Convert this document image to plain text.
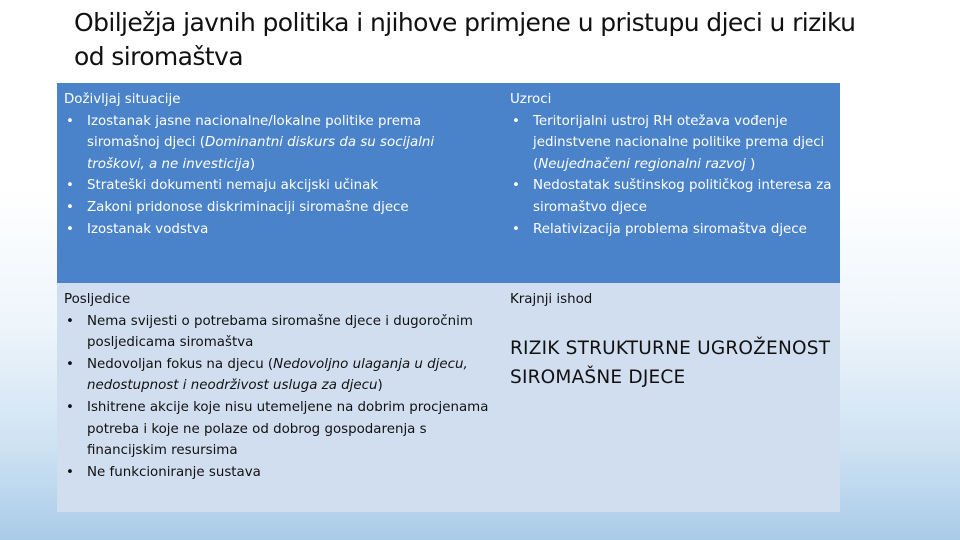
Obilježja javnih politika i njihove primjene u pristupu djeci u riziku od siromaštva
Doživljaj situacije
• Izostanak jasne nacionalne/lokalne politike prema siromašnoj djeci (Dominantni diskurs da su socijalni troškovi, a ne investicija)
• Strateški dokumenti nemaju akcijski učinak
• Zakoni pridonose diskriminaciji siromašne djece
• Izostanak vodstva
Uzroci
• Teritorijalni ustroj RH otežava vođenje jedinstvene nacionalne politike prema djeci (Neujednačeni regionalni razvoj )
• Nedostatak suštinskog političkog interesa za siromaštvo djece
• Relativizacija problema siromaštva djece
Posljedice
• Nema svijesti o potrebama siromašne djece i dugoročnim posljedicama siromaštva
• Nedovoljan fokus na djecu (Nedovoljno ulaganja u djecu, nedostupnost i neodrživost usluga za djecu)
• Ishitrene akcije koje nisu utemeljene na dobrim procjenama potreba i koje ne polaze od dobrog gospodarenja s financijskim resursima
• Ne funkcioniranje sustava
Krajnji ishod
RIZIK STRUKTURNE UGROŽENOST SIROMAŠNE DJECE
